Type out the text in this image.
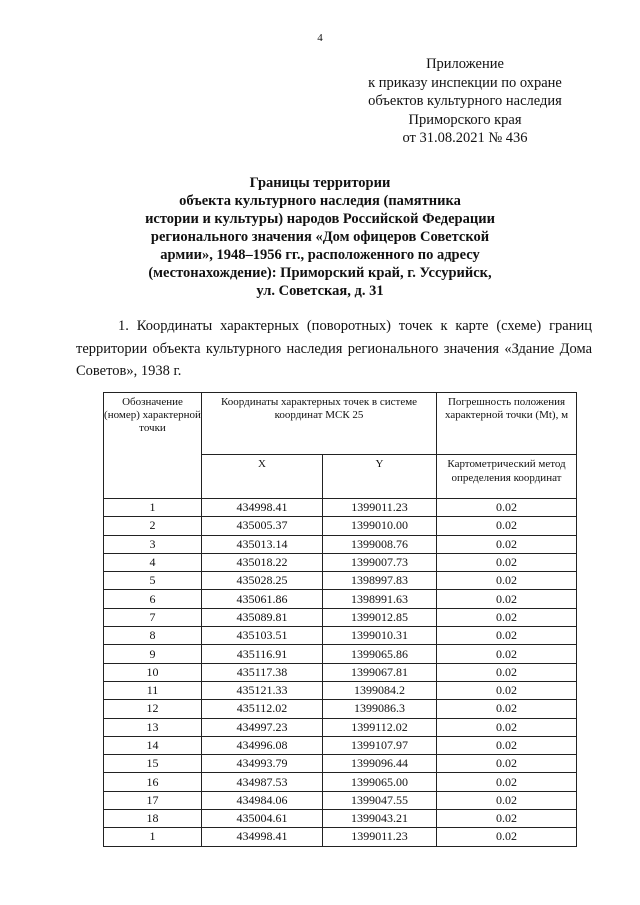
4
Приложение
к приказу инспекции по охране
объектов культурного наследия
Приморского края
от 31.08.2021 № 436
Границы территории
объекта культурного наследия (памятника
истории и культуры) народов Российской Федерации
регионального значения «Дом офицеров Советской
армии», 1948–1956 гг., расположенного по адресу
(местонахождение): Приморский край, г. Уссурийск,
ул. Советская, д. 31
1. Координаты характерных (поворотных) точек к карте (схеме) границ территории объекта культурного наследия регионального значения «Здание Дома Советов», 1938 г.
Обозначение (номер) характерной точки	Координаты характерных точек в системе координат МСК 25		Погрешность положения характерной точки (Mt), м
	X	Y	Картометрический метод определения координат
1	434998.41	1399011.23	0.02
2	435005.37	1399010.00	0.02
3	435013.14	1399008.76	0.02
4	435018.22	1399007.73	0.02
5	435028.25	1398997.83	0.02
6	435061.86	1398991.63	0.02
7	435089.81	1399012.85	0.02
8	435103.51	1399010.31	0.02
9	435116.91	1399065.86	0.02
10	435117.38	1399067.81	0.02
11	435121.33	1399084.2	0.02
12	435112.02	1399086.3	0.02
13	434997.23	1399112.02	0.02
14	434996.08	1399107.97	0.02
15	434993.79	1399096.44	0.02
16	434987.53	1399065.00	0.02
17	434984.06	1399047.55	0.02
18	435004.61	1399043.21	0.02
1	434998.41	1399011.23	0.02
